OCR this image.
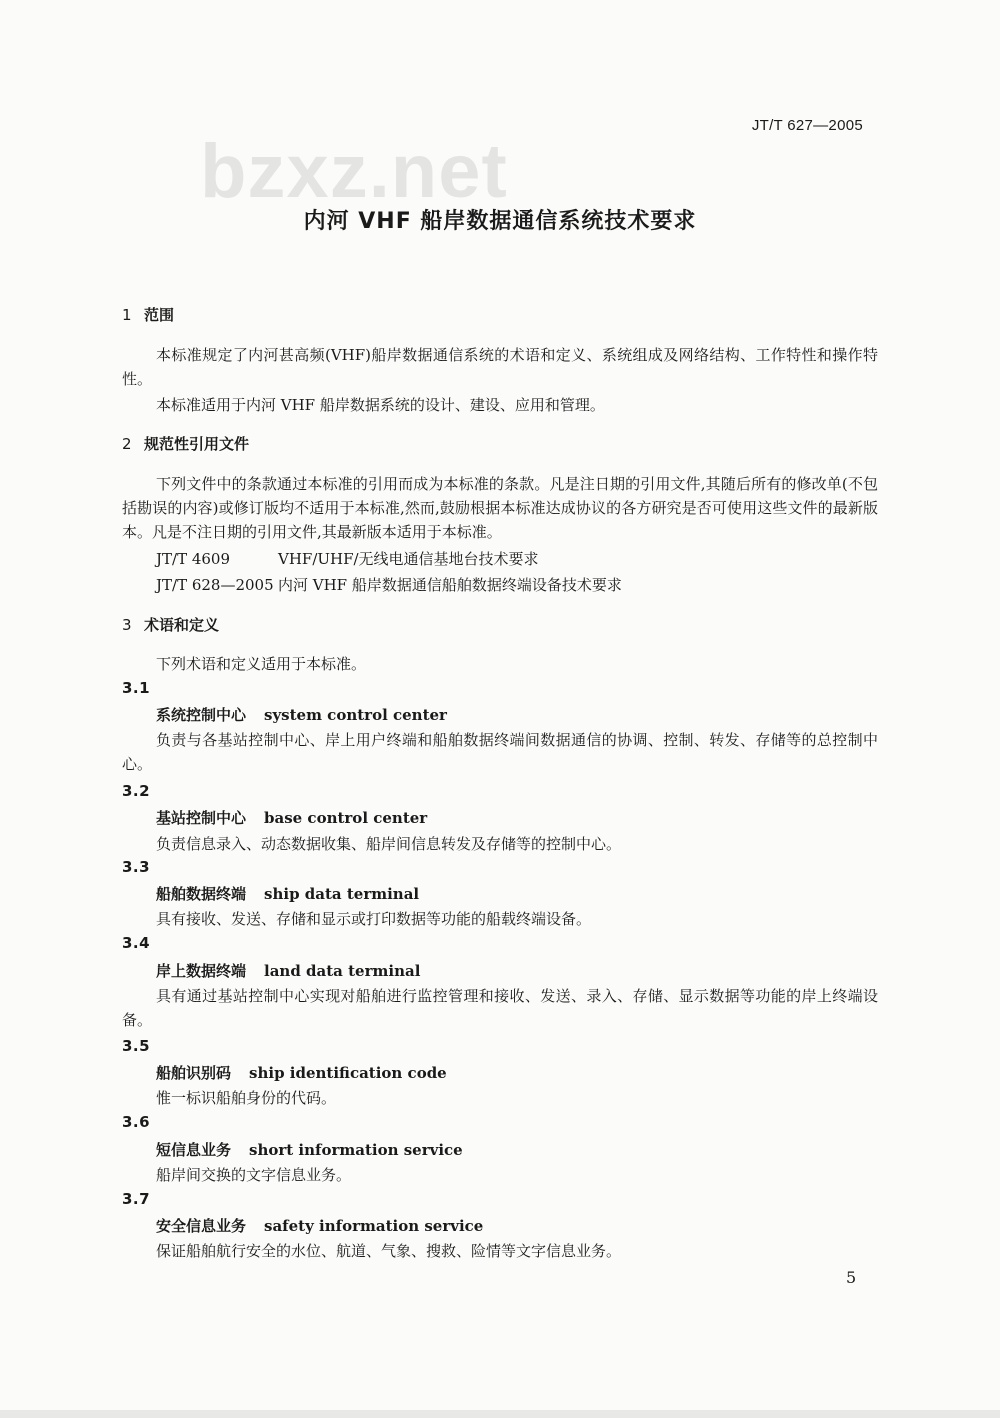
JT/T 627—2005
bzxz.net
内河 VHF 船岸数据通信系统技术要求
1 范围

本标准规定了内河甚高频(VHF)船岸数据通信系统的术语和定义、系统组成及网络结构、工作特性和操作特性。

本标准适用于内河 VHF 船岸数据系统的设计、建设、应用和管理。

2 规范性引用文件

下列文件中的条款通过本标准的引用而成为本标准的条款。凡是注日期的引用文件,其随后所有的修改单(不包括勘误的内容)或修订版均不适用于本标准,然而,鼓励根据本标准达成协议的各方研究是否可使用这些文件的最新版本。凡是不注日期的引用文件,其最新版本适用于本标准。

JT/T 4609	VHF/UHF/无线电通信基地台技术要求
JT/T 628—2005 内河 VHF 船岸数据通信船舶数据终端设备技术要求
3 术语和定义
下列术语和定义适用于本标准。
3.1
系统控制中心 system control center

负责与各基站控制中心、岸上用户终端和船舶数据终端间数据通信的协调、控制、转发、存储等的总控制中心。

3.2
基站控制中心 base control center
负责信息录入、动态数据收集、船岸间信息转发及存储等的控制中心。
3.3
船舶数据终端 ship data terminal
具有接收、发送、存储和显示或打印数据等功能的船载终端设备。
3.4
岸上数据终端 land data terminal

具有通过基站控制中心实现对船舶进行监控管理和接收、发送、录入、存储、显示数据等功能的岸上终端设备。

3.5
船舶识别码 ship identification code
惟一标识船舶身份的代码。
3.6
短信息业务 short information service
船岸间交换的文字信息业务。
3.7
安全信息业务 safety information service
保证船舶航行安全的水位、航道、气象、搜救、险情等文字信息业务。
5
